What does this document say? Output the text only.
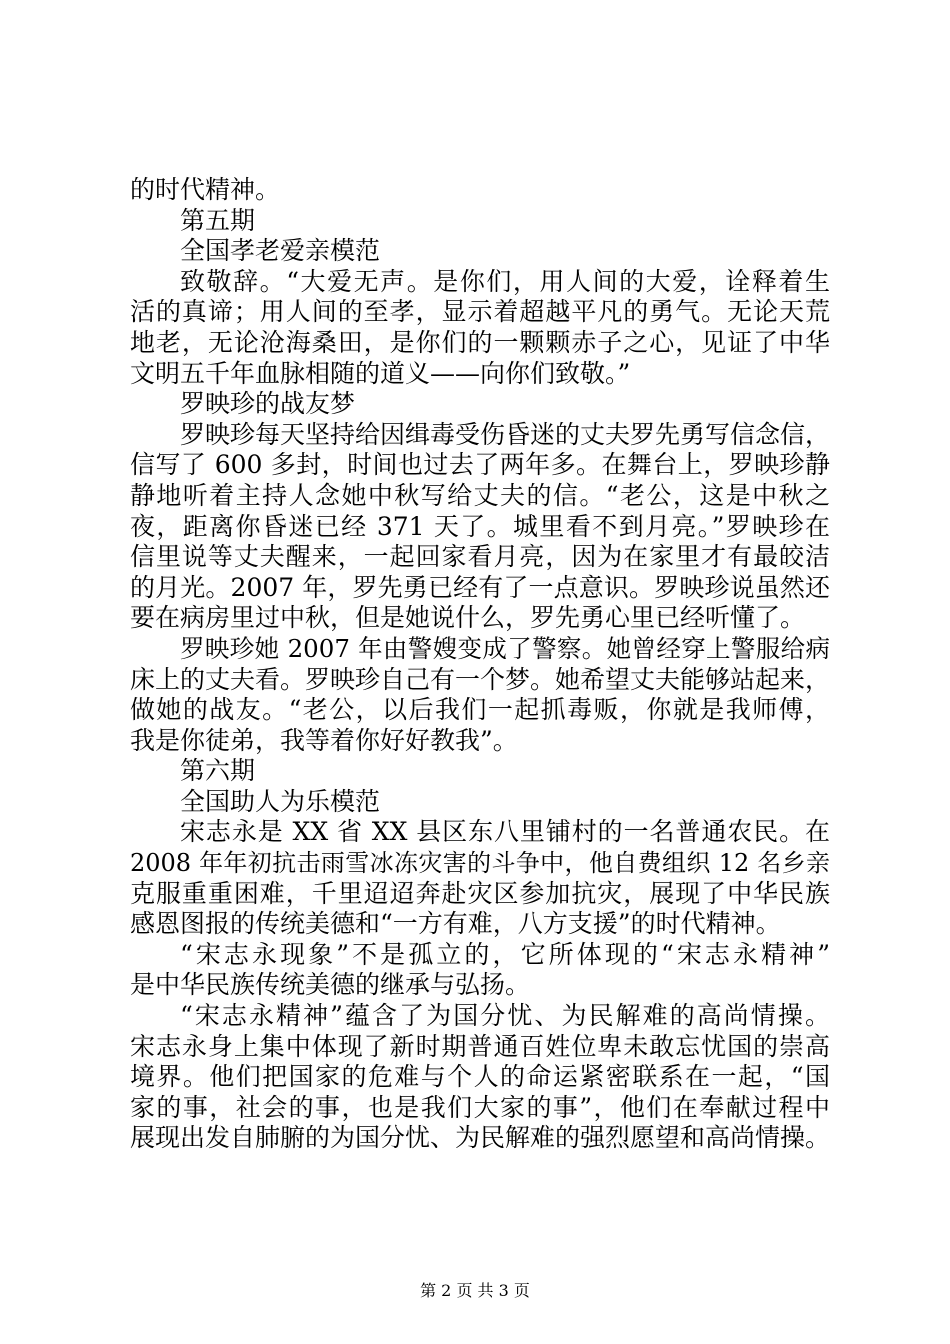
的时代精神。
第五期
全国孝老爱亲模范
致敬辞。“大爱无声。是你们，用人间的大爱，诠释着生
活的真谛；用人间的至孝，显示着超越平凡的勇气。无论天荒
地老，无论沧海桑田，是你们的一颗颗赤子之心，见证了中华
文明五千年血脉相随的道义——向你们致敬。”
罗映珍的战友梦
罗映珍每天坚持给因缉毒受伤昏迷的丈夫罗先勇写信念信，
信写了 600 多封，时间也过去了两年多。在舞台上，罗映珍静
静地听着主持人念她中秋写给丈夫的信。“老公，这是中秋之
夜，距离你昏迷已经 371 天了。城里看不到月亮。”罗映珍在
信里说等丈夫醒来，一起回家看月亮，因为在家里才有最皎洁
的月光。2007 年，罗先勇已经有了一点意识。罗映珍说虽然还
要在病房里过中秋，但是她说什么，罗先勇心里已经听懂了。
罗映珍她 2007 年由警嫂变成了警察。她曾经穿上警服给病
床上的丈夫看。罗映珍自己有一个梦。她希望丈夫能够站起来，
做她的战友。“老公，以后我们一起抓毒贩，你就是我师傅，
我是你徒弟，我等着你好好教我”。
第六期
全国助人为乐模范
宋志永是 XX 省 XX 县区东八里铺村的一名普通农民。在
2008 年年初抗击雨雪冰冻灾害的斗争中，他自费组织 12 名乡亲
克服重重困难，千里迢迢奔赴灾区参加抗灾，展现了中华民族
感恩图报的传统美德和“一方有难，八方支援”的时代精神。
“宋志永现象”不是孤立的，它所体现的“宋志永精神”
是中华民族传统美德的继承与弘扬。
“宋志永精神”蕴含了为国分忧、为民解难的高尚情操。
宋志永身上集中体现了新时期普通百姓位卑未敢忘忧国的崇高
境界。他们把国家的危难与个人的命运紧密联系在一起，“国
家的事，社会的事，也是我们大家的事”，他们在奉献过程中
展现出发自肺腑的为国分忧、为民解难的强烈愿望和高尚情操。
第 2 页 共 3 页
